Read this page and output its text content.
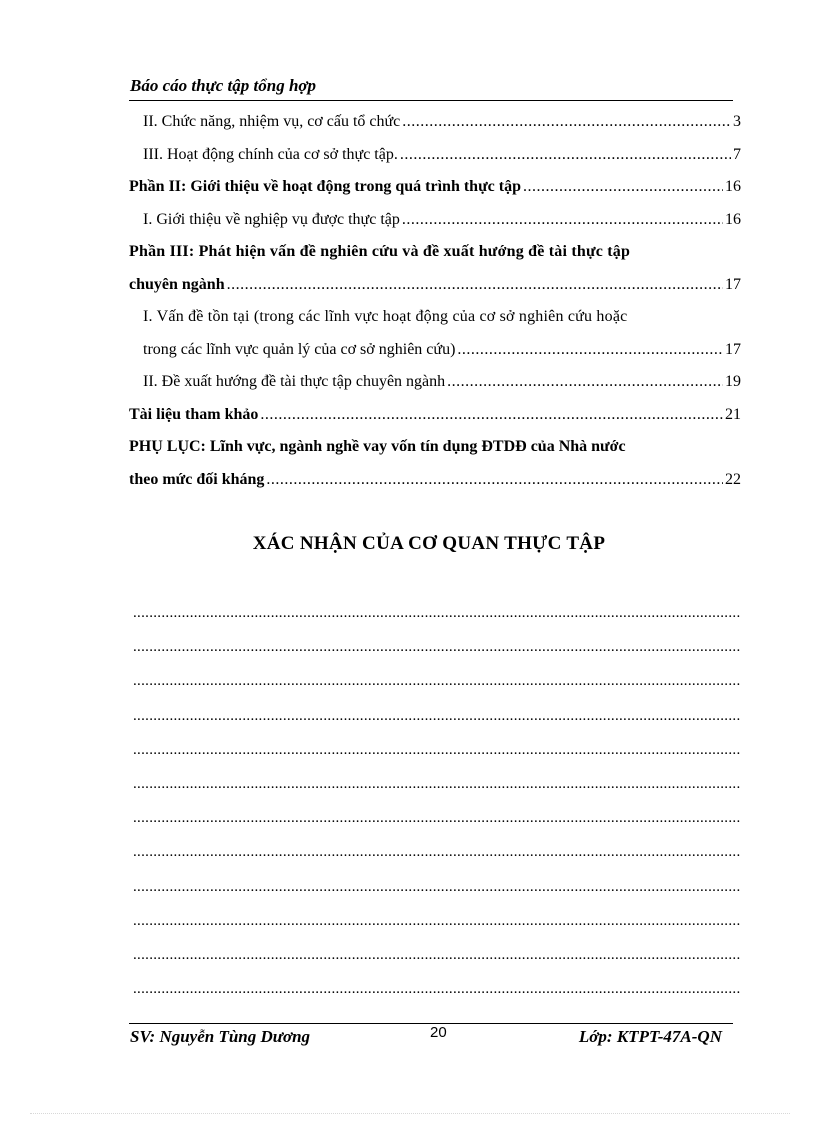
Báo cáo thực tập tổng hợp
II. Chức năng, nhiệm vụ, cơ cấu tổ chức .....	3
III. Hoạt động chính của cơ sở thực tập. .....	7
Phần II: Giới thiệu về hoạt động trong quá trình thực tập .....	16
I. Giới thiệu về nghiệp vụ được thực tập .....	16
Phần III: Phát hiện vấn đề nghiên cứu và đề xuất hướng đề tài thực tập
chuyên ngành .....	17
I. Vấn đề tồn tại (trong các lĩnh vực hoạt động của cơ sở nghiên cứu hoặc
trong các lĩnh vực quản lý của cơ sở nghiên cứu) .....	17
II. Đề xuất hướng đề tài thực tập chuyên ngành .....	19
Tài liệu tham khảo .....	21
PHỤ LỤC: Lĩnh vực, ngành nghề vay vốn tín dụng ĐTDĐ của Nhà nước
theo mức đối kháng .....	22
XÁC NHẬN CỦA CƠ QUAN THỰC TẬP
.....
.....
.....
.....
.....
.....
.....
.....
.....
.....
.....
.....
SV: Nguyễn Tùng Dương	20	Lớp: KTPT-47A-QN
